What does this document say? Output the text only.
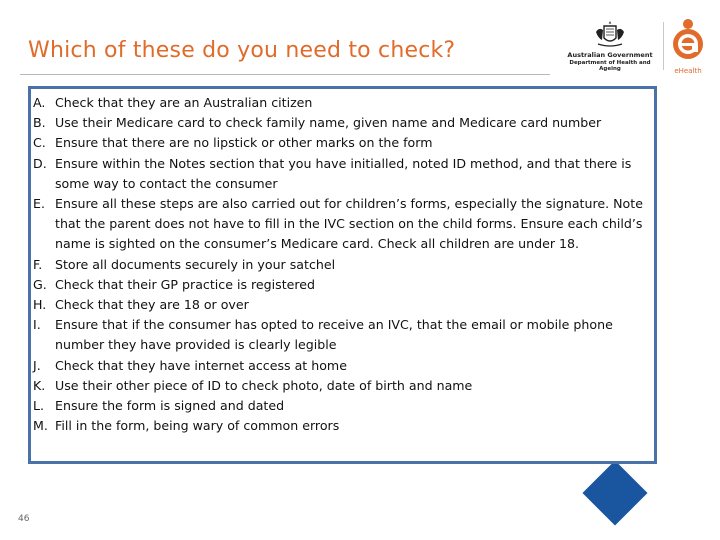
Which of these do you need to check?	Australian Government
Department of Health and Ageing	eHealth
A. Check that they are an Australian citizen
B. Use their Medicare card to check family name, given name and Medicare card number
C. Ensure that there are no lipstick or other marks on the form
D. Ensure within the Notes section that you have initialled, noted ID method, and that there is some way to contact the consumer
E. Ensure all these steps are also carried out for children’s forms, especially the signature. Note that the parent does not have to fill in the IVC section on the child forms. Ensure each child’s name is sighted on the consumer’s Medicare card. Check all children are under 18.
F. Store all documents securely in your satchel
G. Check that their GP practice is registered
H. Check that they are 18 or over
I. Ensure that if the consumer has opted to receive an IVC, that the email or mobile phone number they have provided is clearly legible
J. Check that they have internet access at home
K. Use their other piece of ID to check photo, date of birth and name
L. Ensure the form is signed and dated
M. Fill in the form, being wary of common errors
46
